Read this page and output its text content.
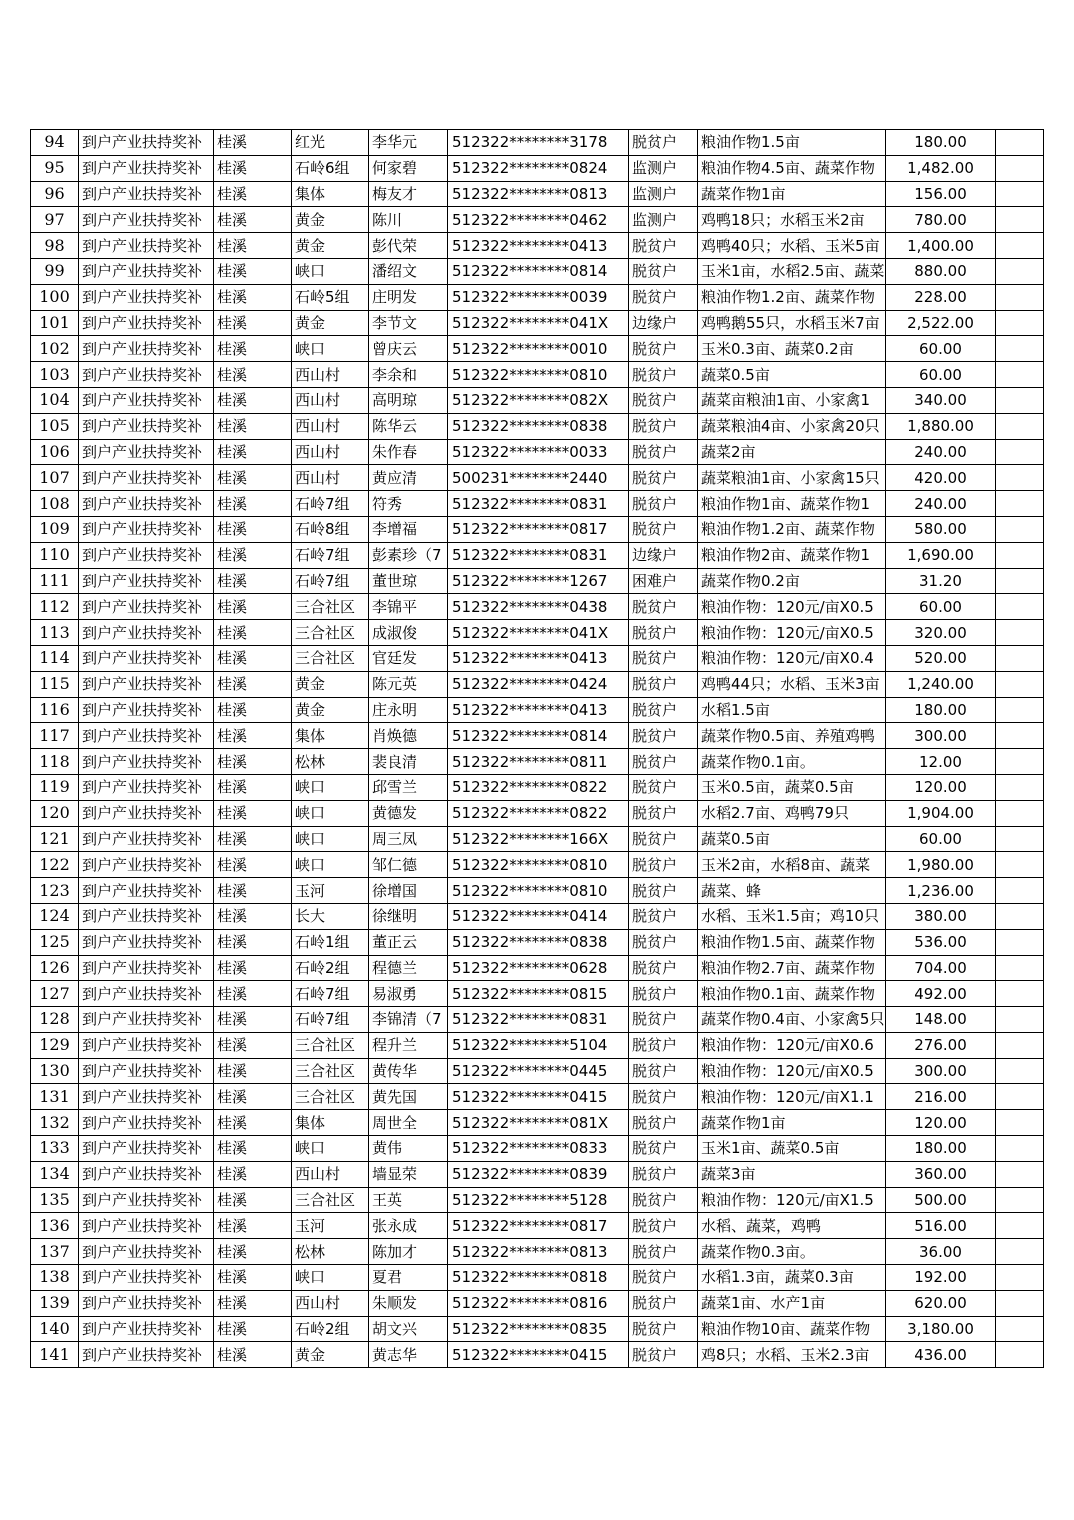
94	到户产业扶持奖补	桂溪	红光	李华元	512322********3178	脱贫户	粮油作物1.5亩	180.00	
95	到户产业扶持奖补	桂溪	石岭6组	何家碧	512322********0824	监测户	粮油作物4.5亩、蔬菜作物	1,482.00	
96	到户产业扶持奖补	桂溪	集体	梅友才	512322********0813	监测户	蔬菜作物1亩	156.00	
97	到户产业扶持奖补	桂溪	黄金	陈川	512322********0462	监测户	鸡鸭18只；水稻玉米2亩	780.00	
98	到户产业扶持奖补	桂溪	黄金	彭代荣	512322********0413	脱贫户	鸡鸭40只；水稻、玉米5亩	1,400.00	
99	到户产业扶持奖补	桂溪	峡口	潘绍文	512322********0814	脱贫户	玉米1亩，水稻2.5亩、蔬菜	880.00	
100	到户产业扶持奖补	桂溪	石岭5组	庄明发	512322********0039	脱贫户	粮油作物1.2亩、蔬菜作物	228.00	
101	到户产业扶持奖补	桂溪	黄金	李节文	512322********041X	边缘户	鸡鸭鹅55只，水稻玉米7亩	2,522.00	
102	到户产业扶持奖补	桂溪	峡口	曾庆云	512322********0010	脱贫户	玉米0.3亩、蔬菜0.2亩	60.00	
103	到户产业扶持奖补	桂溪	西山村	李余和	512322********0810	脱贫户	蔬菜0.5亩	60.00	
104	到户产业扶持奖补	桂溪	西山村	高明琼	512322********082X	脱贫户	蔬菜亩粮油1亩、小家禽1	340.00	
105	到户产业扶持奖补	桂溪	西山村	陈华云	512322********0838	脱贫户	蔬菜粮油4亩、小家禽20只	1,880.00	
106	到户产业扶持奖补	桂溪	西山村	朱作春	512322********0033	脱贫户	蔬菜2亩	240.00	
107	到户产业扶持奖补	桂溪	西山村	黄应清	500231********2440	脱贫户	蔬菜粮油1亩、小家禽15只	420.00	
108	到户产业扶持奖补	桂溪	石岭7组	符秀	512322********0831	脱贫户	粮油作物1亩、蔬菜作物1	240.00	
109	到户产业扶持奖补	桂溪	石岭8组	李增福	512322********0817	脱贫户	粮油作物1.2亩、蔬菜作物	580.00	
110	到户产业扶持奖补	桂溪	石岭7组	彭素珍（7	512322********0831	边缘户	粮油作物2亩、蔬菜作物1	1,690.00	
111	到户产业扶持奖补	桂溪	石岭7组	董世琼	512322********1267	困难户	蔬菜作物0.2亩	31.20	
112	到户产业扶持奖补	桂溪	三合社区	李锦平	512322********0438	脱贫户	粮油作物：120元/亩X0.5	60.00	
113	到户产业扶持奖补	桂溪	三合社区	成淑俊	512322********041X	脱贫户	粮油作物：120元/亩X0.5	320.00	
114	到户产业扶持奖补	桂溪	三合社区	官廷发	512322********0413	脱贫户	粮油作物：120元/亩X0.4	520.00	
115	到户产业扶持奖补	桂溪	黄金	陈元英	512322********0424	脱贫户	鸡鸭44只；水稻、玉米3亩	1,240.00	
116	到户产业扶持奖补	桂溪	黄金	庄永明	512322********0413	脱贫户	水稻1.5亩	180.00	
117	到户产业扶持奖补	桂溪	集体	肖焕德	512322********0814	脱贫户	蔬菜作物0.5亩、养殖鸡鸭	300.00	
118	到户产业扶持奖补	桂溪	松林	裴良清	512322********0811	脱贫户	蔬菜作物0.1亩。	12.00	
119	到户产业扶持奖补	桂溪	峡口	邱雪兰	512322********0822	脱贫户	玉米0.5亩，蔬菜0.5亩	120.00	
120	到户产业扶持奖补	桂溪	峡口	黄德发	512322********0822	脱贫户	水稻2.7亩、鸡鸭79只	1,904.00	
121	到户产业扶持奖补	桂溪	峡口	周三凤	512322********166X	脱贫户	蔬菜0.5亩	60.00	
122	到户产业扶持奖补	桂溪	峡口	邹仁德	512322********0810	脱贫户	玉米2亩，水稻8亩、蔬菜	1,980.00	
123	到户产业扶持奖补	桂溪	玉河	徐增国	512322********0810	脱贫户	蔬菜、蜂	1,236.00	
124	到户产业扶持奖补	桂溪	长大	徐继明	512322********0414	脱贫户	水稻、玉米1.5亩；鸡10只	380.00	
125	到户产业扶持奖补	桂溪	石岭1组	董正云	512322********0838	脱贫户	粮油作物1.5亩、蔬菜作物	536.00	
126	到户产业扶持奖补	桂溪	石岭2组	程德兰	512322********0628	脱贫户	粮油作物2.7亩、蔬菜作物	704.00	
127	到户产业扶持奖补	桂溪	石岭7组	易淑勇	512322********0815	脱贫户	粮油作物0.1亩、蔬菜作物	492.00	
128	到户产业扶持奖补	桂溪	石岭7组	李锦清（7	512322********0831	脱贫户	蔬菜作物0.4亩、小家禽5只	148.00	
129	到户产业扶持奖补	桂溪	三合社区	程升兰	512322********5104	脱贫户	粮油作物：120元/亩X0.6	276.00	
130	到户产业扶持奖补	桂溪	三合社区	黄传华	512322********0445	脱贫户	粮油作物：120元/亩X0.5	300.00	
131	到户产业扶持奖补	桂溪	三合社区	黄先国	512322********0415	脱贫户	粮油作物：120元/亩X1.1	216.00	
132	到户产业扶持奖补	桂溪	集体	周世全	512322********081X	脱贫户	蔬菜作物1亩	120.00	
133	到户产业扶持奖补	桂溪	峡口	黄伟	512322********0833	脱贫户	玉米1亩、蔬菜0.5亩	180.00	
134	到户产业扶持奖补	桂溪	西山村	墙显荣	512322********0839	脱贫户	蔬菜3亩	360.00	
135	到户产业扶持奖补	桂溪	三合社区	王英	512322********5128	脱贫户	粮油作物：120元/亩X1.5	500.00	
136	到户产业扶持奖补	桂溪	玉河	张永成	512322********0817	脱贫户	水稻、蔬菜，鸡鸭	516.00	
137	到户产业扶持奖补	桂溪	松林	陈加才	512322********0813	脱贫户	蔬菜作物0.3亩。	36.00	
138	到户产业扶持奖补	桂溪	峡口	夏君	512322********0818	脱贫户	水稻1.3亩，蔬菜0.3亩	192.00	
139	到户产业扶持奖补	桂溪	西山村	朱顺发	512322********0816	脱贫户	蔬菜1亩、水产1亩	620.00	
140	到户产业扶持奖补	桂溪	石岭2组	胡文兴	512322********0835	脱贫户	粮油作物10亩、蔬菜作物	3,180.00	
141	到户产业扶持奖补	桂溪	黄金	黄志华	512322********0415	脱贫户	鸡8只；水稻、玉米2.3亩	436.00	
